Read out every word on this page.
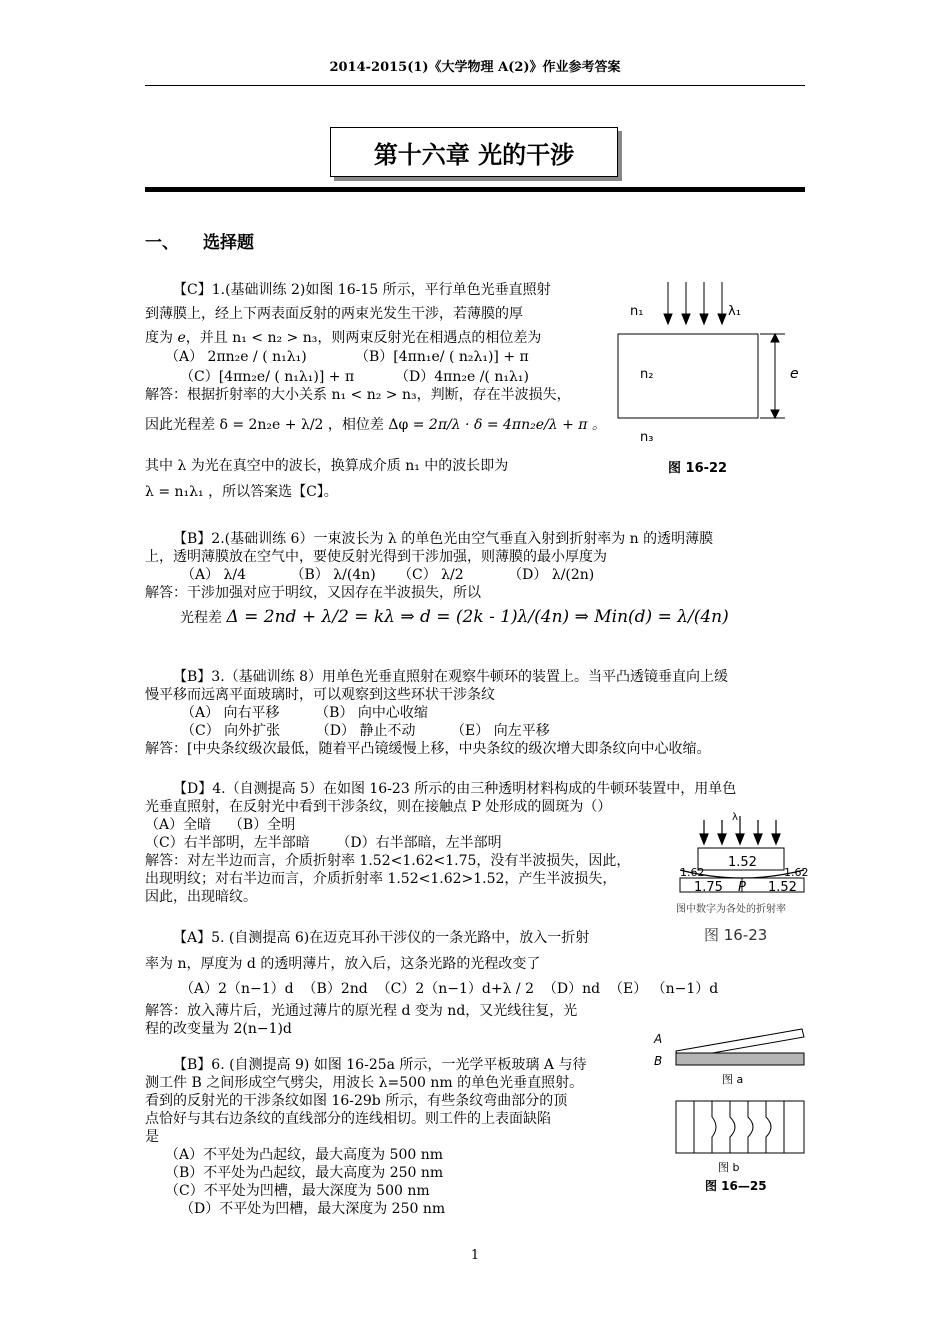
2014-2015(1)《大学物理 A(2)》作业参考答案
第十六章 光的干涉
一、 选择题
【C】1.(基础训练 2)如图 16-15 所示，平行单色光垂直照射
到薄膜上，经上下两表面反射的两束光发生干涉，若薄膜的厚
度为 e，并且 n₁ < n₂ > n₃，则两束反射光在相遇点的相位差为
（A） 2πn₂e / ( n₁λ₁)	（B）[4πn₁e/ ( n₂λ₁)] + π
（C）[4πn₂e/ ( n₁λ₁)] + π	（D）4πn₂e /( n₁λ₁)
解答：根据折射率的大小关系 n₁ < n₂ > n₃，判断，存在半波损失，
因此光程差 δ = 2n₂e + λ/2 ，相位差 Δφ = 2π/λ · δ = 4πn₂e/λ + π 。
其中 λ 为光在真空中的波长，换算成介质 n₁ 中的波长即为
λ = n₁λ₁ ，所以答案选【C】。
n₁	λ₁
n₂	e
n₃
图 16-22
【B】2.(基础训练 6）一束波长为 λ 的单色光由空气垂直入射到折射率为 n 的透明薄膜
上，透明薄膜放在空气中，要使反射光得到干涉加强，则薄膜的最小厚度为
（A） λ/4          （B） λ/(4n)     （C） λ/2          （D） λ/(2n)
解答：干涉加强对应于明纹，又因存在半波损失，所以
光程差 Δ = 2nd + λ/2 = kλ ⇒ d = (2k - 1)λ/(4n) ⇒ Min(d) = λ/(4n)
【B】3.（基础训练 8）用单色光垂直照射在观察牛顿环的装置上。当平凸透镜垂直向上缓
慢平移而远离平面玻璃时，可以观察到这些环状干涉条纹
（A） 向右平移        （B） 向中心收缩
（C） 向外扩张        （D） 静止不动        （E） 向左平移
解答：[中央条纹级次最低，随着平凸镜缓慢上移，中央条纹的级次增大即条纹向中心收缩。
【D】4.（自测提高 5）在如图 16-23 所示的由三种透明材料构成的牛顿环装置中，用单色
光垂直照射，在反射光中看到干涉条纹，则在接触点 P 处形成的圆斑为（）
（A）全暗    （B）全明
（C）右半部明，左半部暗      （D）右半部暗，左半部明
解答：对左半边而言，介质折射率 1.52<1.62<1.75，没有半波损失，因此，
出现明纹；对右半边而言，介质折射率 1.52<1.62>1.52，产生半波损失，
因此，出现暗纹。
λ
1.52
1.62	1.62
1.75 P 1.52
图中数字为各处的折射率
图 16-23
【A】5. (自测提高 6)在迈克耳孙干涉仪的一条光路中，放入一折射
率为 n，厚度为 d 的透明薄片，放入后，这条光路的光程改变了
（A）2（n−1）d  （B）2nd  （C）2（n−1）d+λ / 2  （D）nd  （E） （n−1）d
解答：放入薄片后，光通过薄片的原光程 d 变为 nd，又光线往复，光
程的改变量为 2(n−1)d
【B】6. (自测提高 9) 如图 16-25a 所示，一光学平板玻璃 A 与待
测工件 B 之间形成空气劈尖，用波长 λ=500 nm 的单色光垂直照射。
看到的反射光的干涉条纹如图 16-29b 所示，有些条纹弯曲部分的顶
点恰好与其右边条纹的直线部分的连线相切。则工件的上表面缺陷
是
（A）不平处为凸起纹，最大高度为 500 nm
（B）不平处为凸起纹，最大高度为 250 nm
（C）不平处为凹槽，最大深度为 500 nm
（D）不平处为凹槽，最大深度为 250 nm
A
B
图 a
图 b
图 16—25
1
